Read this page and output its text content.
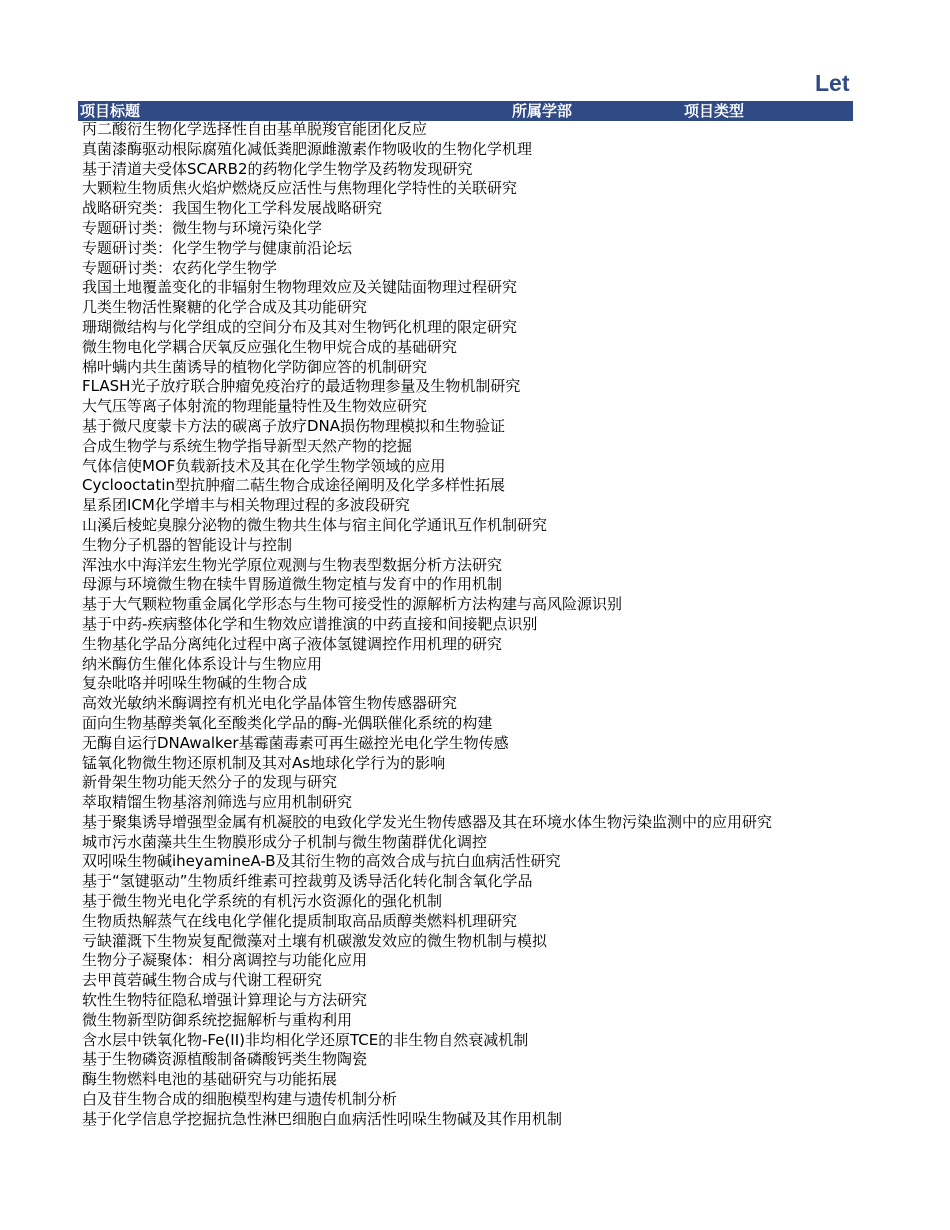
Let
项目标题	所属学部	项目类型
丙二酸衍生物化学选择性自由基单脱羧官能团化反应
真菌漆酶驱动根际腐殖化减低粪肥源雌激素作物吸收的生物化学机理
基于清道夫受体SCARB2的药物化学生物学及药物发现研究
大颗粒生物质焦火焰炉燃烧反应活性与焦物理化学特性的关联研究
战略研究类：我国生物化工学科发展战略研究
专题研讨类：微生物与环境污染化学
专题研讨类：化学生物学与健康前沿论坛
专题研讨类：农药化学生物学
我国土地覆盖变化的非辐射生物物理效应及关键陆面物理过程研究
几类生物活性聚糖的化学合成及其功能研究
珊瑚微结构与化学组成的空间分布及其对生物钙化机理的限定研究
微生物电化学耦合厌氧反应强化生物甲烷合成的基础研究
棉叶螨内共生菌诱导的植物化学防御应答的机制研究
FLASH光子放疗联合肿瘤免疫治疗的最适物理参量及生物机制研究
大气压等离子体射流的物理能量特性及生物效应研究
基于微尺度蒙卡方法的碳离子放疗DNA损伤物理模拟和生物验证
合成生物学与系统生物学指导新型天然产物的挖掘
气体信使MOF负载新技术及其在化学生物学领域的应用
Cyclooctatin型抗肿瘤二萜生物合成途径阐明及化学多样性拓展
星系团ICM化学增丰与相关物理过程的多波段研究
山溪后棱蛇臭腺分泌物的微生物共生体与宿主间化学通讯互作机制研究
生物分子机器的智能设计与控制
浑浊水中海洋宏生物光学原位观测与生物表型数据分析方法研究
母源与环境微生物在犊牛胃肠道微生物定植与发育中的作用机制
基于大气颗粒物重金属化学形态与生物可接受性的源解析方法构建与高风险源识别
基于中药-疾病整体化学和生物效应谱推演的中药直接和间接靶点识别
生物基化学品分离纯化过程中离子液体氢键调控作用机理的研究
纳米酶仿生催化体系设计与生物应用
复杂吡咯并吲哚生物碱的生物合成
高效光敏纳米酶调控有机光电化学晶体管生物传感器研究
面向生物基醇类氧化至酸类化学品的酶-光偶联催化系统的构建
无酶自运行DNAwalker基霉菌毒素可再生磁控光电化学生物传感
锰氧化物微生物还原机制及其对As地球化学行为的影响
新骨架生物功能天然分子的发现与研究
萃取精馏生物基溶剂筛选与应用机制研究
基于聚集诱导增强型金属有机凝胶的电致化学发光生物传感器及其在环境水体生物污染监测中的应用研究
城市污水菌藻共生生物膜形成分子机制与微生物菌群优化调控
双吲哚生物碱iheyamineA-B及其衍生物的高效合成与抗白血病活性研究
基于“氢键驱动”生物质纤维素可控裁剪及诱导活化转化制含氧化学品
基于微生物光电化学系统的有机污水资源化的强化机制
生物质热解蒸气在线电化学催化提质制取高品质醇类燃料机理研究
亏缺灌溉下生物炭复配微藻对土壤有机碳激发效应的微生物机制与模拟
生物分子凝聚体：相分离调控与功能化应用
去甲莨菪碱生物合成与代谢工程研究
软性生物特征隐私增强计算理论与方法研究
微生物新型防御系统挖掘解析与重构利用
含水层中铁氧化物-Fe(II)非均相化学还原TCE的非生物自然衰减机制
基于生物磷资源植酸制备磷酸钙类生物陶瓷
酶生物燃料电池的基础研究与功能拓展
白及苷生物合成的细胞模型构建与遗传机制分析
基于化学信息学挖掘抗急性淋巴细胞白血病活性吲哚生物碱及其作用机制
